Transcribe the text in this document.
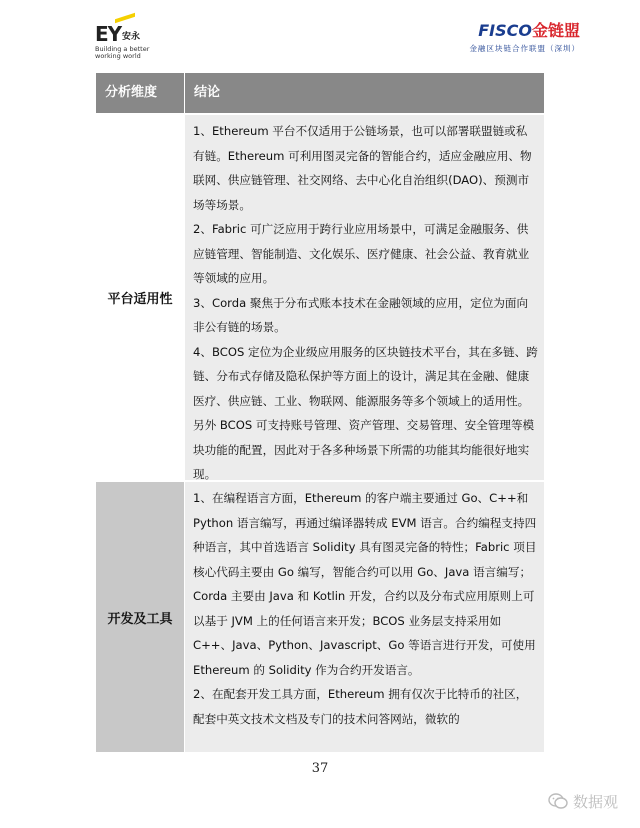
EY 安永
Building a better working world
FISCO金链盟
金融区块链合作联盟（深圳）
分析维度	结论
平台适用性

1、Ethereum 平台不仅适用于公链场景，也可以部署联盟链或私有链。Ethereum 可利用图灵完备的智能合约，适应金融应用、物联网、供应链管理、社交网络、去中心化自治组织(DAO)、预测市场等场景。

2、Fabric 可广泛应用于跨行业应用场景中，可满足金融服务、供应链管理、智能制造、文化娱乐、医疗健康、社会公益、教育就业等领域的应用。

3、Corda 聚焦于分布式账本技术在金融领域的应用，定位为面向非公有链的场景。

4、BCOS 定位为企业级应用服务的区块链技术平台，其在多链、跨链、分布式存储及隐私保护等方面上的设计，满足其在金融、健康医疗、供应链、工业、物联网、能源服务等多个领域上的适用性。另外 BCOS 可支持账号管理、资产管理、交易管理、安全管理等模块功能的配置，因此对于各多种场景下所需的功能其均能很好地实现。

开发及工具

1、在编程语言方面，Ethereum 的客户端主要通过 Go、C++和 Python 语言编写，再通过编译器转成 EVM 语言。合约编程支持四种语言，其中首选语言 Solidity 具有图灵完备的特性；Fabric 项目核心代码主要由 Go 编写，智能合约可以用 Go、Java 语言编写；Corda 主要由 Java 和 Kotlin 开发，合约以及分布式应用原则上可以基于 JVM 上的任何语言来开发；BCOS 业务层支持采用如 C++、Java、Python、Javascript、Go 等语言进行开发，可使用 Ethereum 的 Solidity 作为合约开发语言。

2、在配套开发工具方面，Ethereum 拥有仅次于比特币的社区，配套中英文技术文档及专门的技术问答网站，微软的

37
数据观
